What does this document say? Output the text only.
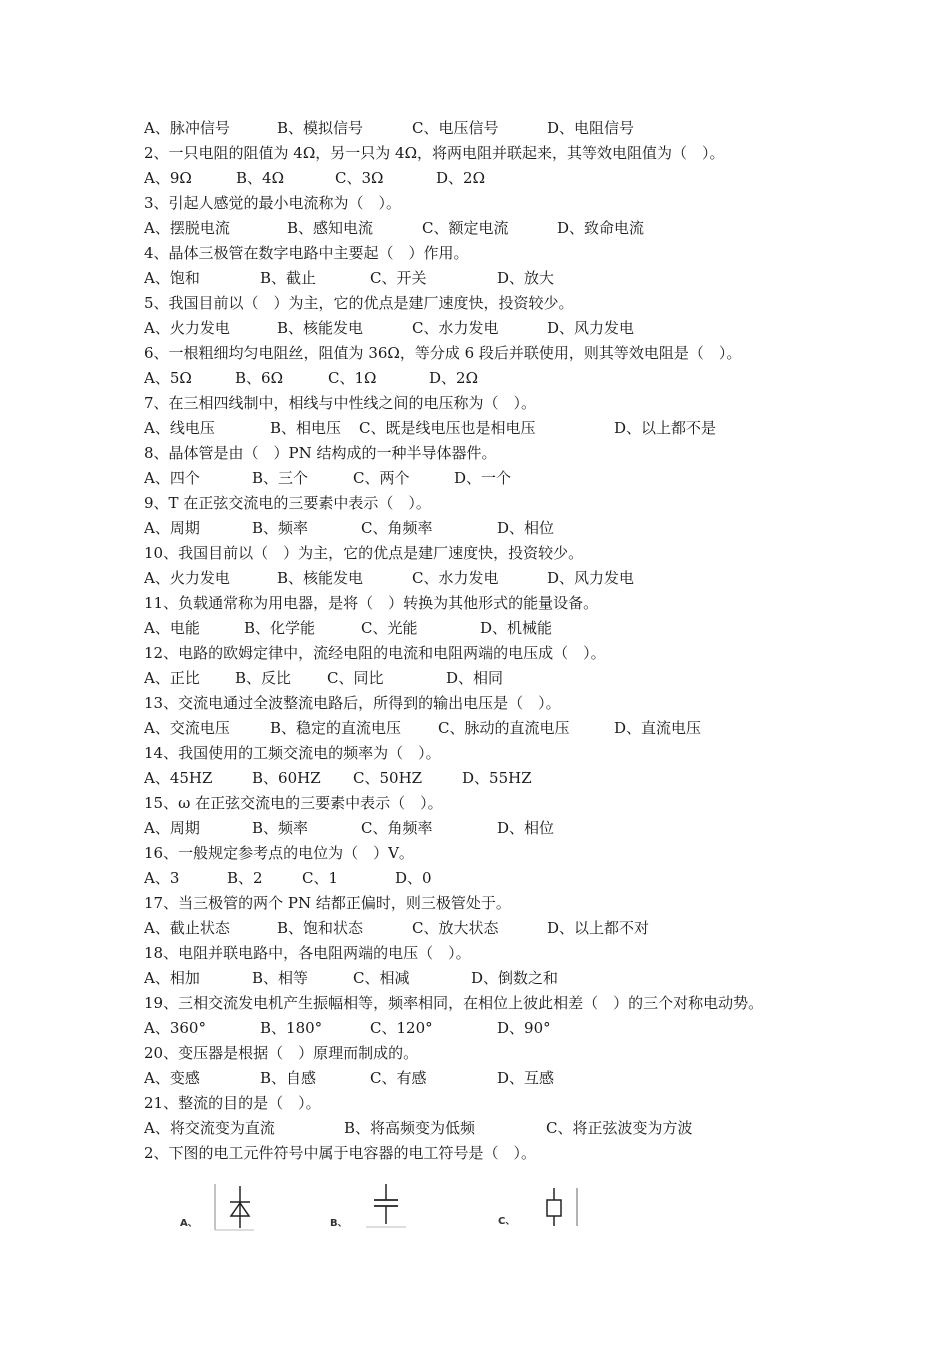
A、脉冲信号	B、模拟信号	C、电压信号	D、电阻信号
2、一只电阻的阻值为 4Ω，另一只为 4Ω，将两电阻并联起来，其等效电阻值为（　）。
A、9Ω	B、4Ω	C、3Ω	D、2Ω
3、引起人感觉的最小电流称为（　）。
A、摆脱电流	B、感知电流	C、额定电流	D、致命电流
4、晶体三极管在数字电路中主要起（　）作用。
A、饱和	B、截止	C、开关	D、放大
5、我国目前以（　）为主，它的优点是建厂速度快，投资较少。
A、火力发电	B、核能发电	C、水力发电	D、风力发电
6、一根粗细均匀电阻丝，阻值为 36Ω，等分成 6 段后并联使用，则其等效电阻是（　）。
A、5Ω	B、6Ω	C、1Ω	D、2Ω
7、在三相四线制中，相线与中性线之间的电压称为（　）。
A、线电压	B、相电压 C、既是线电压也是相电压	D、以上都不是
8、晶体管是由（　）PN 结构成的一种半导体器件。
A、四个	B、三个	C、两个	D、一个
9、T 在正弦交流电的三要素中表示（　）。
A、周期	B、频率	C、角频率	D、相位
10、我国目前以（　）为主，它的优点是建厂速度快，投资较少。
A、火力发电	B、核能发电	C、水力发电	D、风力发电
11、负载通常称为用电器，是将（　）转换为其他形式的能量设备。
A、电能	B、化学能	C、光能	D、机械能
12、电路的欧姆定律中，流经电阻的电流和电阻两端的电压成（　）。
A、正比 B、反比 C、同比	D、相同
13、交流电通过全波整流电路后，所得到的输出电压是（　）。
A、交流电压	B、稳定的直流电压 C、脉动的直流电压	D、直流电压
14、我国使用的工频交流电的频率为（　）。
A、45HZ	B、60HZ C、50HZ	D、55HZ
15、ω 在正弦交流电的三要素中表示（　）。
A、周期	B、频率	C、角频率	D、相位
16、一般规定参考点的电位为（　）V。
A、3	B、2	C、1	D、0
17、当三极管的两个 PN 结都正偏时，则三极管处于。
A、截止状态	B、饱和状态	C、放大状态	D、以上都不对
18、电阻并联电路中，各电阻两端的电压（　）。
A、相加	B、相等	C、相减	D、倒数之和
19、三相交流发电机产生振幅相等，频率相同，在相位上彼此相差（　）的三个对称电动势。
A、360°	B、180°	C、120°	D、90°
20、变压器是根据（　）原理而制成的。
A、变感	B、自感	C、有感	D、互感
21、整流的目的是（　）。
A、将交流变为直流	B、将高频变为低频	C、将正弦波变为方波
2、下图的电工元件符号中属于电容器的电工符号是（　）。
A、	B、	C、
